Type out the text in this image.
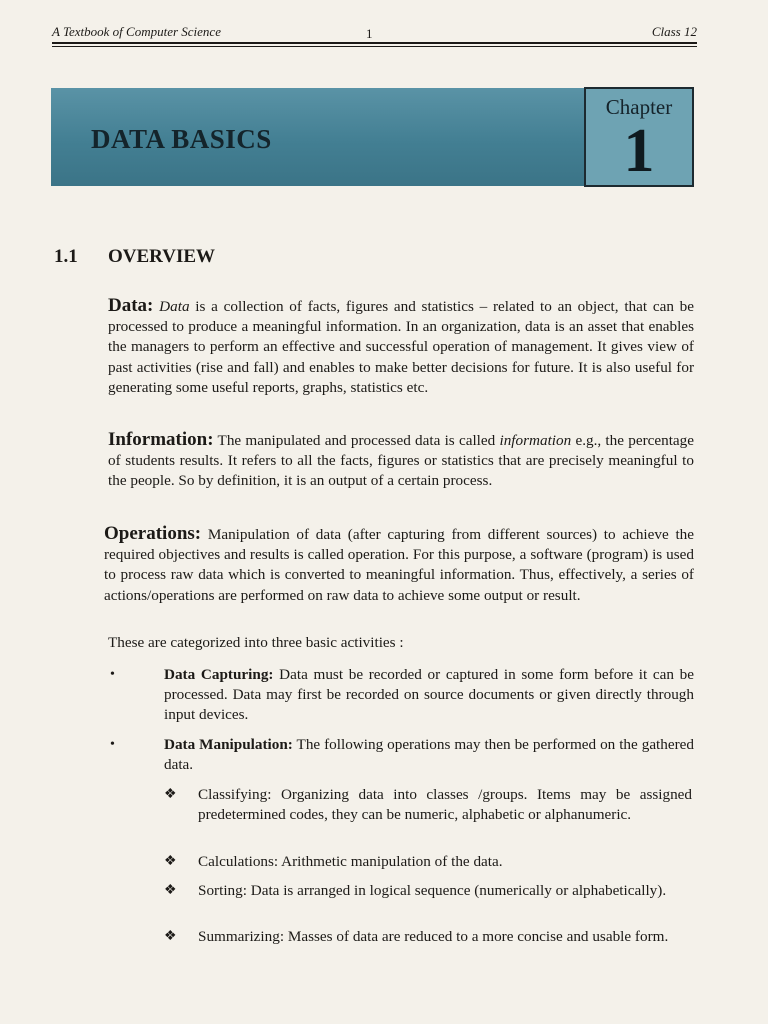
A Textbook of Computer Science	1	Class 12
DATA BASICS
Chapter
1
1.1 OVERVIEW
Data: Data is a collection of facts, figures and statistics – related to an object, that can be processed to produce a meaningful information. In an organization, data is an asset that enables the managers to perform an effective and successful operation of management. It gives view of past activities (rise and fall) and enables to make better decisions for future. It is also useful for generating some useful reports, graphs, statistics etc.
Information: The manipulated and processed data is called information e.g., the percentage of students results. It refers to all the facts, figures or statistics that are precisely meaningful to the people. So by definition, it is an output of a certain process.
Operations: Manipulation of data (after capturing from different sources) to achieve the required objectives and results is called operation. For this purpose, a software (program) is used to process raw data which is converted to meaningful information. Thus, effectively, a series of actions/operations are performed on raw data to achieve some output or result.
These are categorized into three basic activities :
•	Data Capturing: Data must be recorded or captured in some form before it can be processed. Data may first be recorded on source documents or given directly through input devices.
•	Data Manipulation: The following operations may then be performed on the gathered data.
❖ Classifying: Organizing data into classes /groups. Items may be assigned predetermined codes, they can be numeric, alphabetic or alphanumeric.
❖ Calculations: Arithmetic manipulation of the data.
❖ Sorting: Data is arranged in logical sequence (numerically or alphabetically).
❖ Summarizing: Masses of data are reduced to a more concise and usable form.
